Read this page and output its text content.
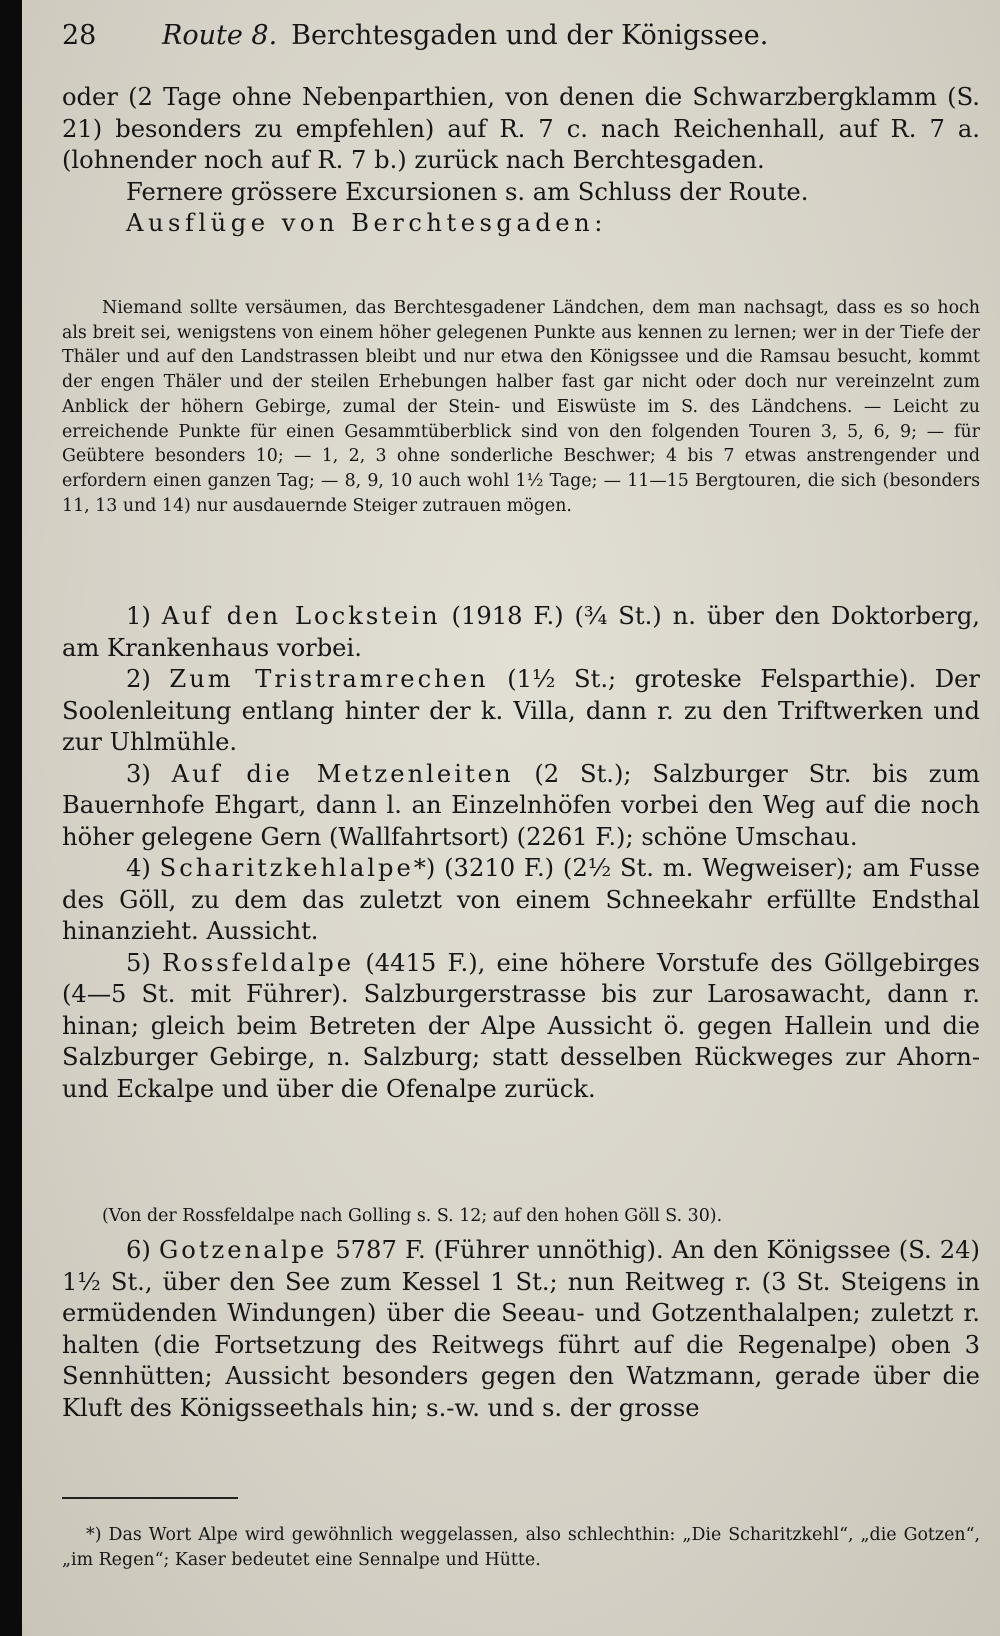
28 Route 8. Berchtesgaden und der Königssee.

oder (2 Tage ohne Nebenparthien, von denen die Schwarzbergklamm (S. 21) besonders zu empfehlen) auf R. 7 c. nach Reichenhall, auf R. 7 a. (lohnender noch auf R. 7 b.) zurück nach Berchtesgaden.

Fernere grössere Excursionen s. am Schluss der Route.

Ausflüge von Berchtesgaden:

Niemand sollte versäumen, das Berchtesgadener Ländchen, dem man nachsagt, dass es so hoch als breit sei, wenigstens von einem höher gelegenen Punkte aus kennen zu lernen; wer in der Tiefe der Thäler und auf den Landstrassen bleibt und nur etwa den Königssee und die Ramsau besucht, kommt der engen Thäler und der steilen Erhebungen halber fast gar nicht oder doch nur vereinzelnt zum Anblick der höhern Gebirge, zumal der Stein- und Eiswüste im S. des Ländchens. — Leicht zu erreichende Punkte für einen Gesammtüberblick sind von den folgenden Touren 3, 5, 6, 9; — für Geübtere besonders 10; — 1, 2, 3 ohne sonderliche Beschwer; 4 bis 7 etwas anstrengender und erfordern einen ganzen Tag; — 8, 9, 10 auch wohl 1½ Tage; — 11—15 Bergtouren, die sich (besonders 11, 13 und 14) nur ausdauernde Steiger zutrauen mögen.

1) Auf den Lockstein (1918 F.) (¾ St.) n. über den Doktorberg, am Krankenhaus vorbei.

2) Zum Tristramrechen (1½ St.; groteske Felsparthie). Der Soolenleitung entlang hinter der k. Villa, dann r. zu den Triftwerken und zur Uhlmühle.

3) Auf die Metzenleiten (2 St.); Salzburger Str. bis zum Bauernhofe Ehgart, dann l. an Einzelnhöfen vorbei den Weg auf die noch höher gelegene Gern (Wallfahrtsort) (2261 F.); schöne Umschau.

4) Scharitzkehlalpe*) (3210 F.) (2½ St. m. Wegweiser); am Fusse des Göll, zu dem das zuletzt von einem Schneekahr erfüllte Endsthal hinanzieht. Aussicht.

5) Rossfeldalpe (4415 F.), eine höhere Vorstufe des Göllgebirges (4—5 St. mit Führer). Salzburgerstrasse bis zur Larosawacht, dann r. hinan; gleich beim Betreten der Alpe Aussicht ö. gegen Hallein und die Salzburger Gebirge, n. Salzburg; statt desselben Rückweges zur Ahorn- und Eckalpe und über die Ofenalpe zurück.

(Von der Rossfeldalpe nach Golling s. S. 12; auf den hohen Göll S. 30).

6) Gotzenalpe 5787 F. (Führer unnöthig). An den Königssee (S. 24) 1½ St., über den See zum Kessel 1 St.; nun Reitweg r. (3 St. Steigens in ermüdenden Windungen) über die Seeau- und Gotzenthalalpen; zuletzt r. halten (die Fortsetzung des Reitwegs führt auf die Regenalpe) oben 3 Sennhütten; Aussicht besonders gegen den Watzmann, gerade über die Kluft des Königsseethals hin; s.-w. und s. der grosse

*) Das Wort Alpe wird gewöhnlich weggelassen, also schlechthin: „Die Scharitzkehl“, „die Gotzen“, „im Regen“; Kaser bedeutet eine Sennalpe und Hütte.
